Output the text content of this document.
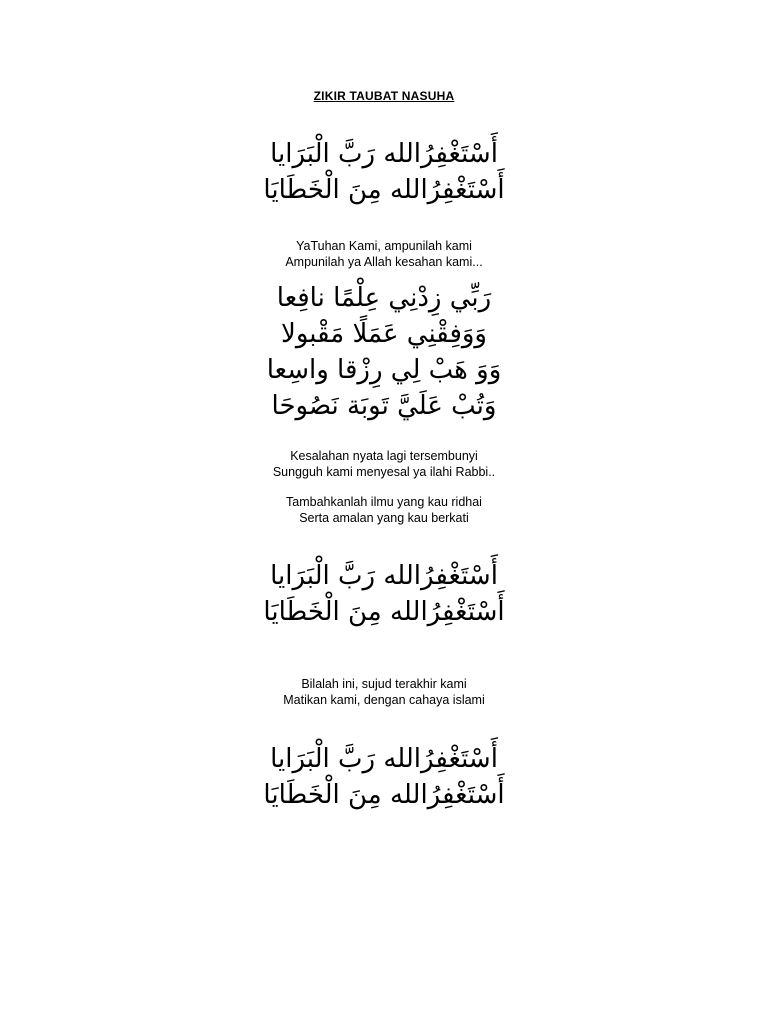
ZIKIR TAUBAT NASUHA
أَسْتَغْفِرُالله رَبَّ الْبَرَايا
أَسْتَغْفِرُالله مِنَ الْخَطَايَا
YaTuhan Kami, ampunilah kami
Ampunilah ya Allah kesahan kami...
رَبِّي زِدْنِي عِلْمًا نافِعا
وَوَفِقْنِي عَمَلًا مَقْبولا
وَوَ هَبْ لِي رِزْقا واسِعا
وَتُبْ عَلَيَّ تَوبَة نَصُوحَا
Kesalahan nyata lagi tersembunyi
Sungguh kami menyesal ya ilahi Rabbi..
Tambahkanlah ilmu yang kau ridhai
Serta amalan yang kau berkati
أَسْتَغْفِرُالله رَبَّ الْبَرَايا
أَسْتَغْفِرُالله مِنَ الْخَطَايَا
Bilalah ini, sujud terakhir kami
Matikan kami, dengan cahaya islami
أَسْتَغْفِرُالله رَبَّ الْبَرَايا
أَسْتَغْفِرُالله مِنَ الْخَطَايَا
